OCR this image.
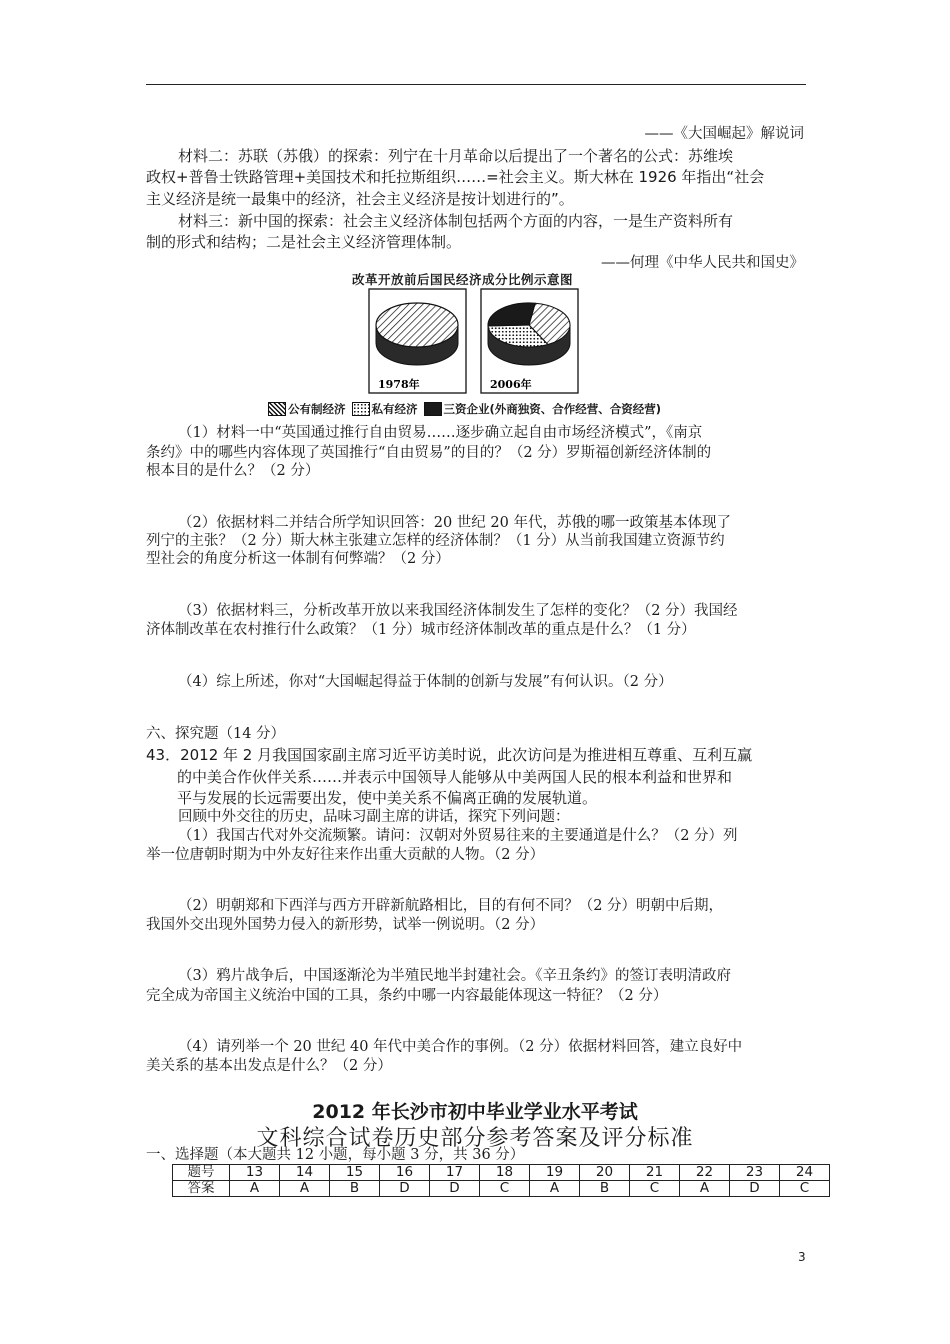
——《大国崛起》解说词
材料二：苏联（苏俄）的探索：列宁在十月革命以后提出了一个著名的公式：苏维埃
政权+普鲁士铁路管理+美国技术和托拉斯组织……=社会主义。斯大林在 1926 年指出“社会
主义经济是统一最集中的经济，社会主义经济是按计划进行的”。
材料三：新中国的探索：社会主义经济体制包括两个方面的内容，一是生产资料所有
制的形式和结构；二是社会主义经济管理体制。
——何理《中华人民共和国史》
改革开放前后国民经济成分比例示意图
1978年	2006年
公有制经济 私有经济 三资企业(外商独资、合作经营、合资经营)
（1）材料一中“英国通过推行自由贸易……逐步确立起自由市场经济模式”，《南京
条约》中的哪些内容体现了英国推行“自由贸易”的目的？（2 分）罗斯福创新经济体制的
根本目的是什么？（2 分）
（2）依据材料二并结合所学知识回答：20 世纪 20 年代，苏俄的哪一政策基本体现了
列宁的主张？（2 分）斯大林主张建立怎样的经济体制？（1 分）从当前我国建立资源节约
型社会的角度分析这一体制有何弊端？（2 分）
（3）依据材料三，分析改革开放以来我国经济体制发生了怎样的变化？（2 分）我国经
济体制改革在农村推行什么政策？（1 分）城市经济体制改革的重点是什么？（1 分）
（4）综上所述，你对“大国崛起得益于体制的创新与发展”有何认识。（2 分）
六、探究题（14 分）
43．2012 年 2 月我国国家副主席习近平访美时说，此次访问是为推进相互尊重、互利互赢
的中美合作伙伴关系……并表示中国领导人能够从中美两国人民的根本利益和世界和
平与发展的长远需要出发，使中美关系不偏离正确的发展轨道。
回顾中外交往的历史，品味习副主席的讲话，探究下列问题：
（1）我国古代对外交流频繁。请问：汉朝对外贸易往来的主要通道是什么？（2 分）列
举一位唐朝时期为中外友好往来作出重大贡献的人物。（2 分）
（2）明朝郑和下西洋与西方开辟新航路相比，目的有何不同？（2 分）明朝中后期，
我国外交出现外国势力侵入的新形势，试举一例说明。（2 分）
（3）鸦片战争后，中国逐渐沦为半殖民地半封建社会。《辛丑条约》的签订表明清政府
完全成为帝国主义统治中国的工具，条约中哪一内容最能体现这一特征？（2 分）
（4）请列举一个 20 世纪 40 年代中美合作的事例。（2 分）依据材料回答，建立良好中
美关系的基本出发点是什么？（2 分）
2012 年长沙市初中毕业学业水平考试
文科综合试卷历史部分参考答案及评分标准
一、选择题（本大题共 12 小题，每小题 3 分，共 36 分）
题号	13	14	15	16	17	18	19	20	21	22	23	24
答案	A	A	B	D	D	C	A	B	C	A	D	C
3
